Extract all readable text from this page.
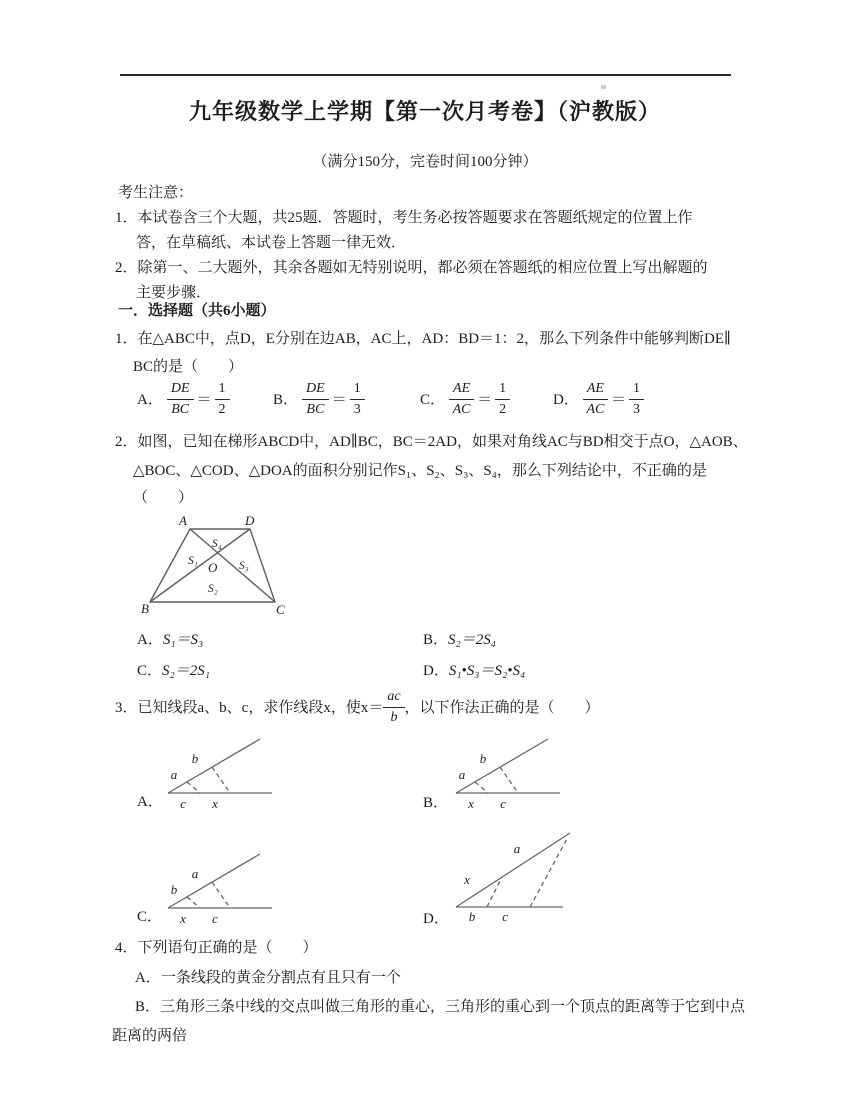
九年级数学上学期【第一次月考卷】（沪教版）
（满分150分，完卷时间100分钟）
考生注意：
1．本试卷含三个大题，共25题．答题时，考生务必按答题要求在答题纸规定的位置上作
答，在草稿纸、本试卷上答题一律无效．
2．除第一、二大题外，其余各题如无特别说明，都必须在答题纸的相应位置上写出解题的
主要步骤．
一．选择题（共6小题）
1．在△ABC中，点D，E分别在边AB，AC上，AD：BD＝1：2，那么下列条件中能够判断DE∥
BC的是（　　）
A． $\frac{DE}{BC} = \frac{1}{2}$	B． $\frac{DE}{BC} = \frac{1}{3}$	C． $\frac{AE}{AC} = \frac{1}{2}$	D． $\frac{AE}{AC} = \frac{1}{3}$
2．如图，已知在梯形ABCD中，AD∥BC，BC＝2AD，如果对角线AC与BD相交于点O，△AOB、
△BOC、△COD、△DOA的面积分别记作S₁、S₂、S₃、S₄，那么下列结论中，不正确的是
（　　）
A	D
B	C
O
S₄
S₁	S₃
S₂
A．S₁＝S₃	B．S₂＝2S₄
C．S₂＝2S₁	D．S₁•S₃＝S₂•S₄
3．已知线段a、b、c，求作线段x，使$x= \frac{ac}{b}$ ，以下作法正确的是（　　）
a
b
c x
A．
a
b
x c
B．
b
a
x c
C．
x
a
b c
D．
4．下列语句正确的是（　　）
A．一条线段的黄金分割点有且只有一个
B．三角形三条中线的交点叫做三角形的重心，三角形的重心到一个顶点的距离等于它到中点
距离的两倍
